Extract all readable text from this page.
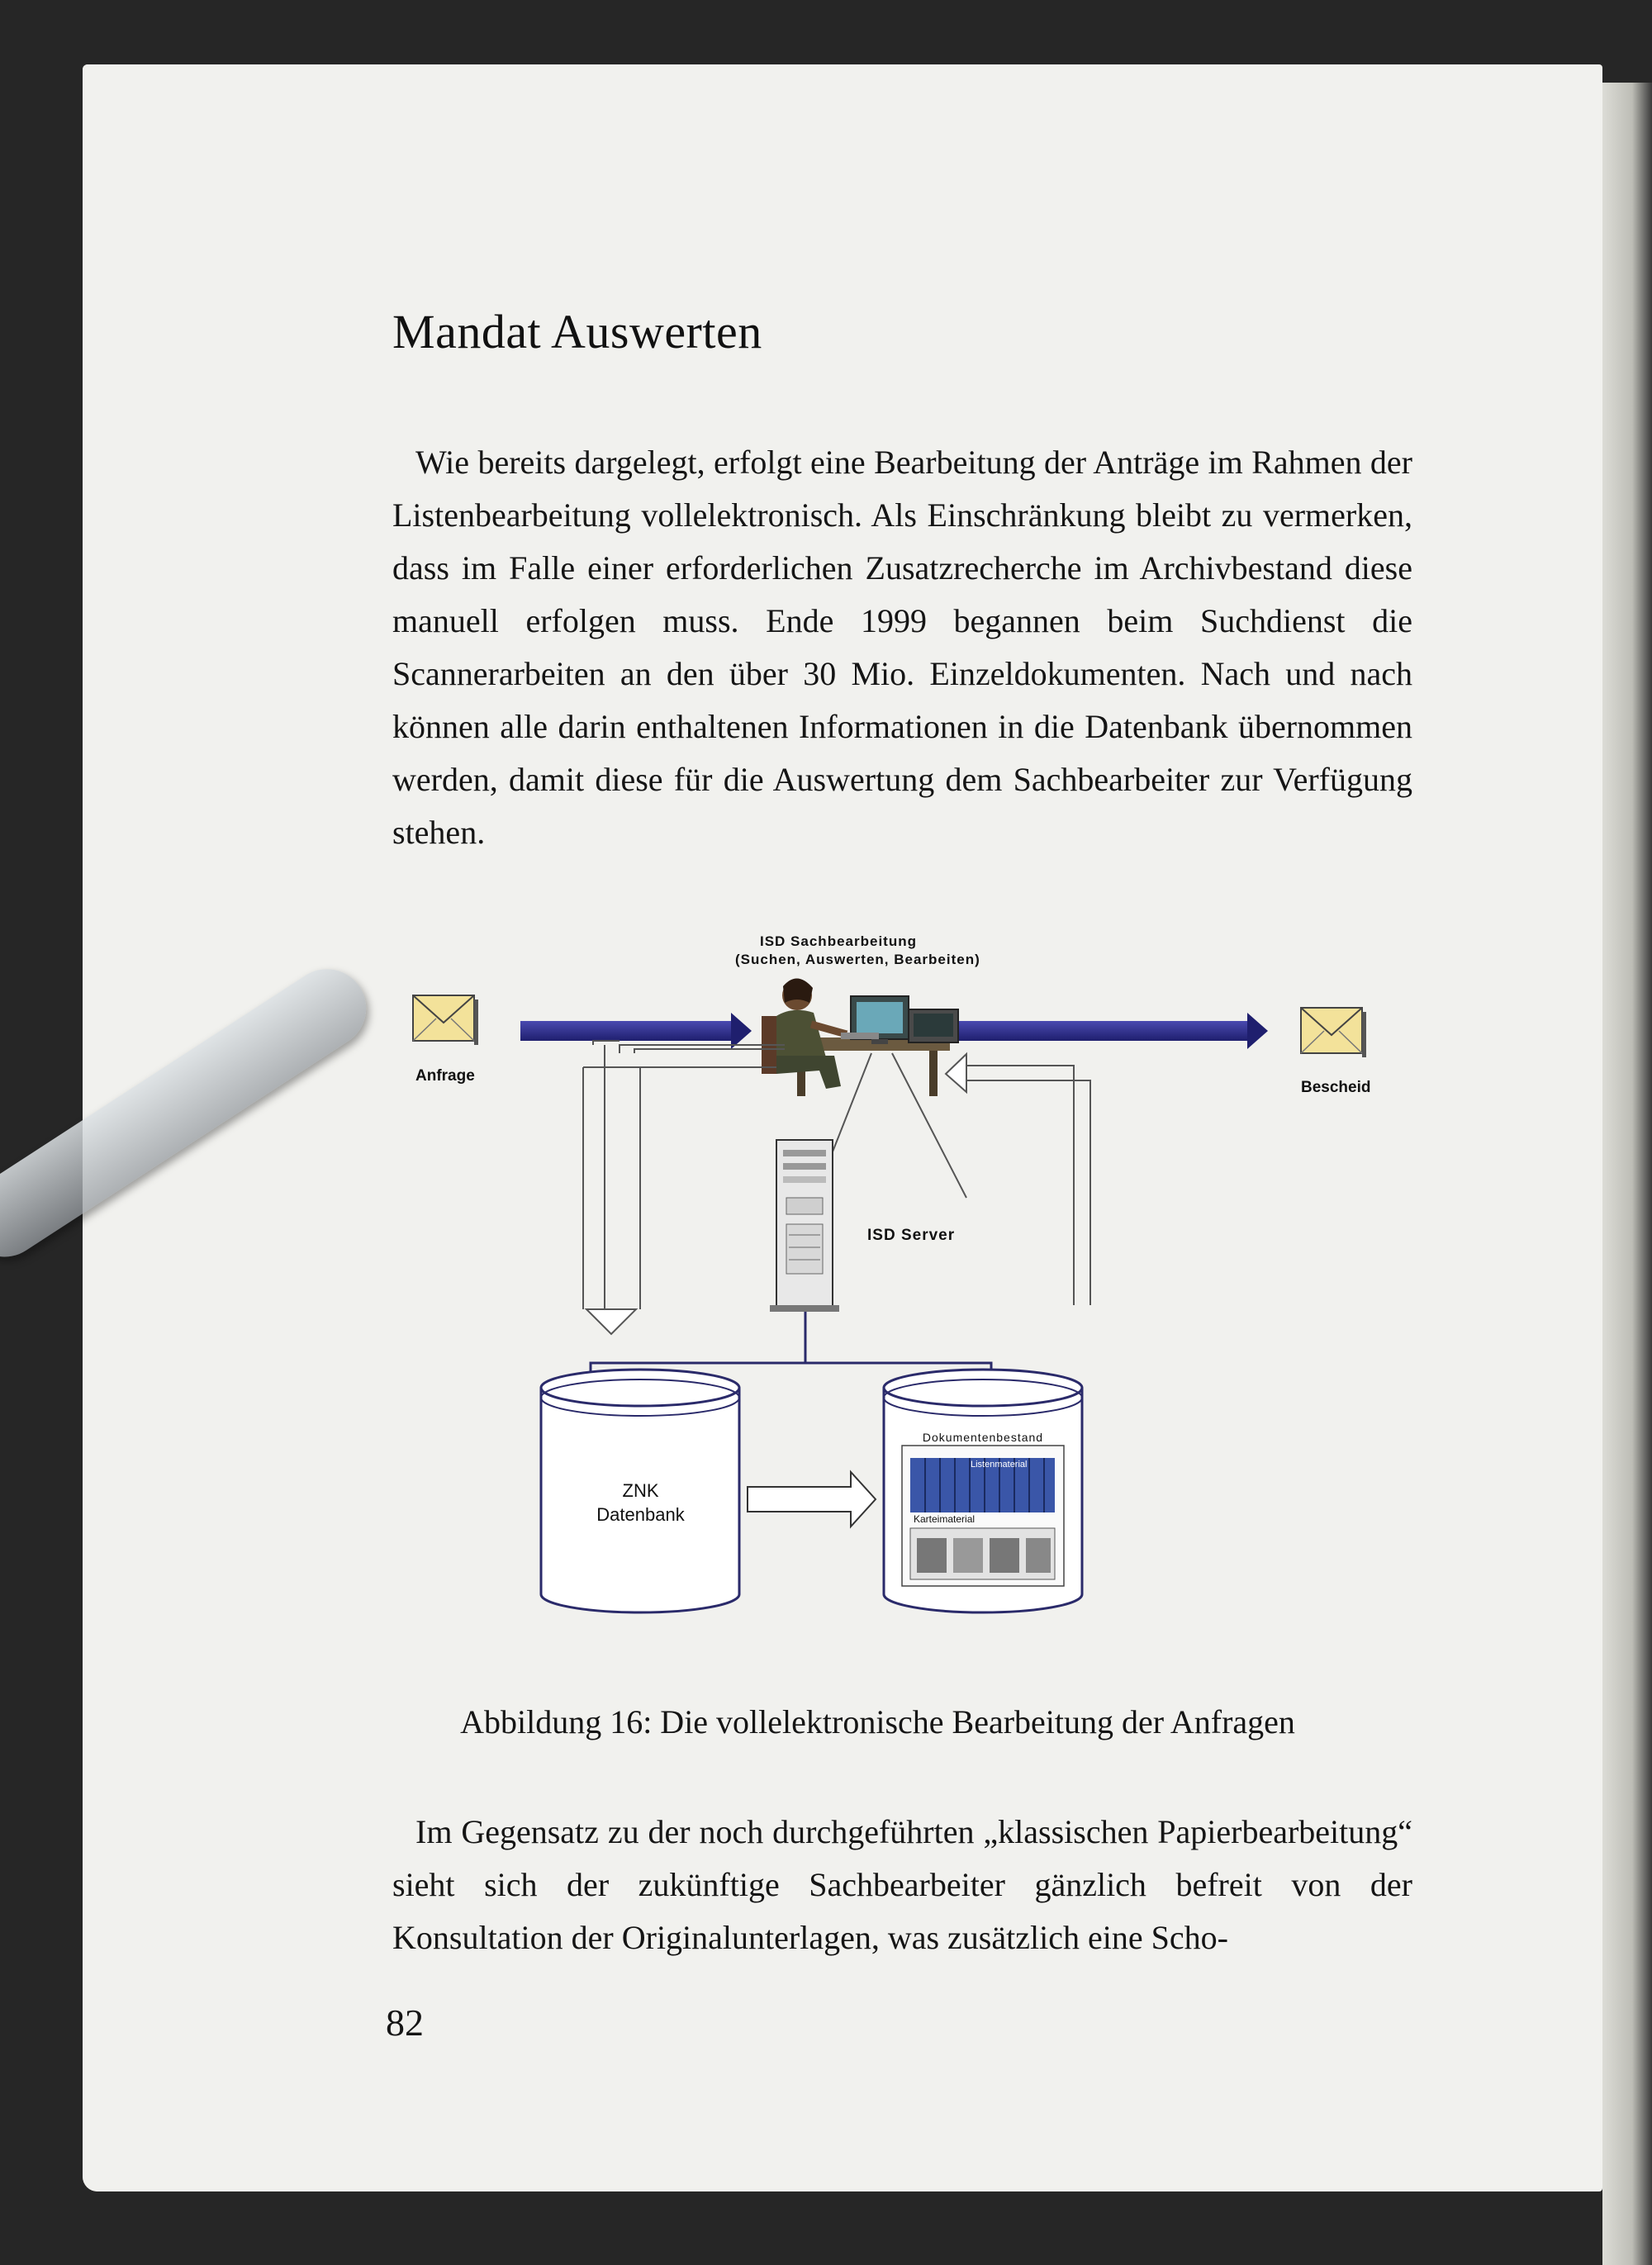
Mandat Auswerten

Wie bereits dargelegt, erfolgt eine Bearbeitung der Anträge im Rahmen der Listenbearbeitung vollelektronisch. Als Einschränkung bleibt zu vermerken, dass im Falle einer erforderlichen Zusatzrecherche im Archivbestand diese manuell erfolgen muss. Ende 1999 begannen beim Suchdienst die Scannerarbeiten an den über 30 Mio. Einzeldokumenten. Nach und nach können alle darin enthaltenen Informationen in die Datenbank übernommen werden, damit diese für die Auswertung dem Sachbearbeiter zur Verfügung stehen.

ISD Sachbearbeitung
(Suchen, Auswerten, Bearbeiten)
Anfrage
Bescheid
ISD Server
ZNK
Datenbank
Dokumentenbestand
Listenmaterial
Karteimaterial

Abbildung 16: Die vollelektronische Bearbeitung der Anfragen

Im Gegensatz zu der noch durchgeführten „klassischen Papierbearbeitung“ sieht sich der zukünftige Sachbearbeiter gänzlich befreit von der Konsultation der Originalunterlagen, was zusätzlich eine Scho-

82
